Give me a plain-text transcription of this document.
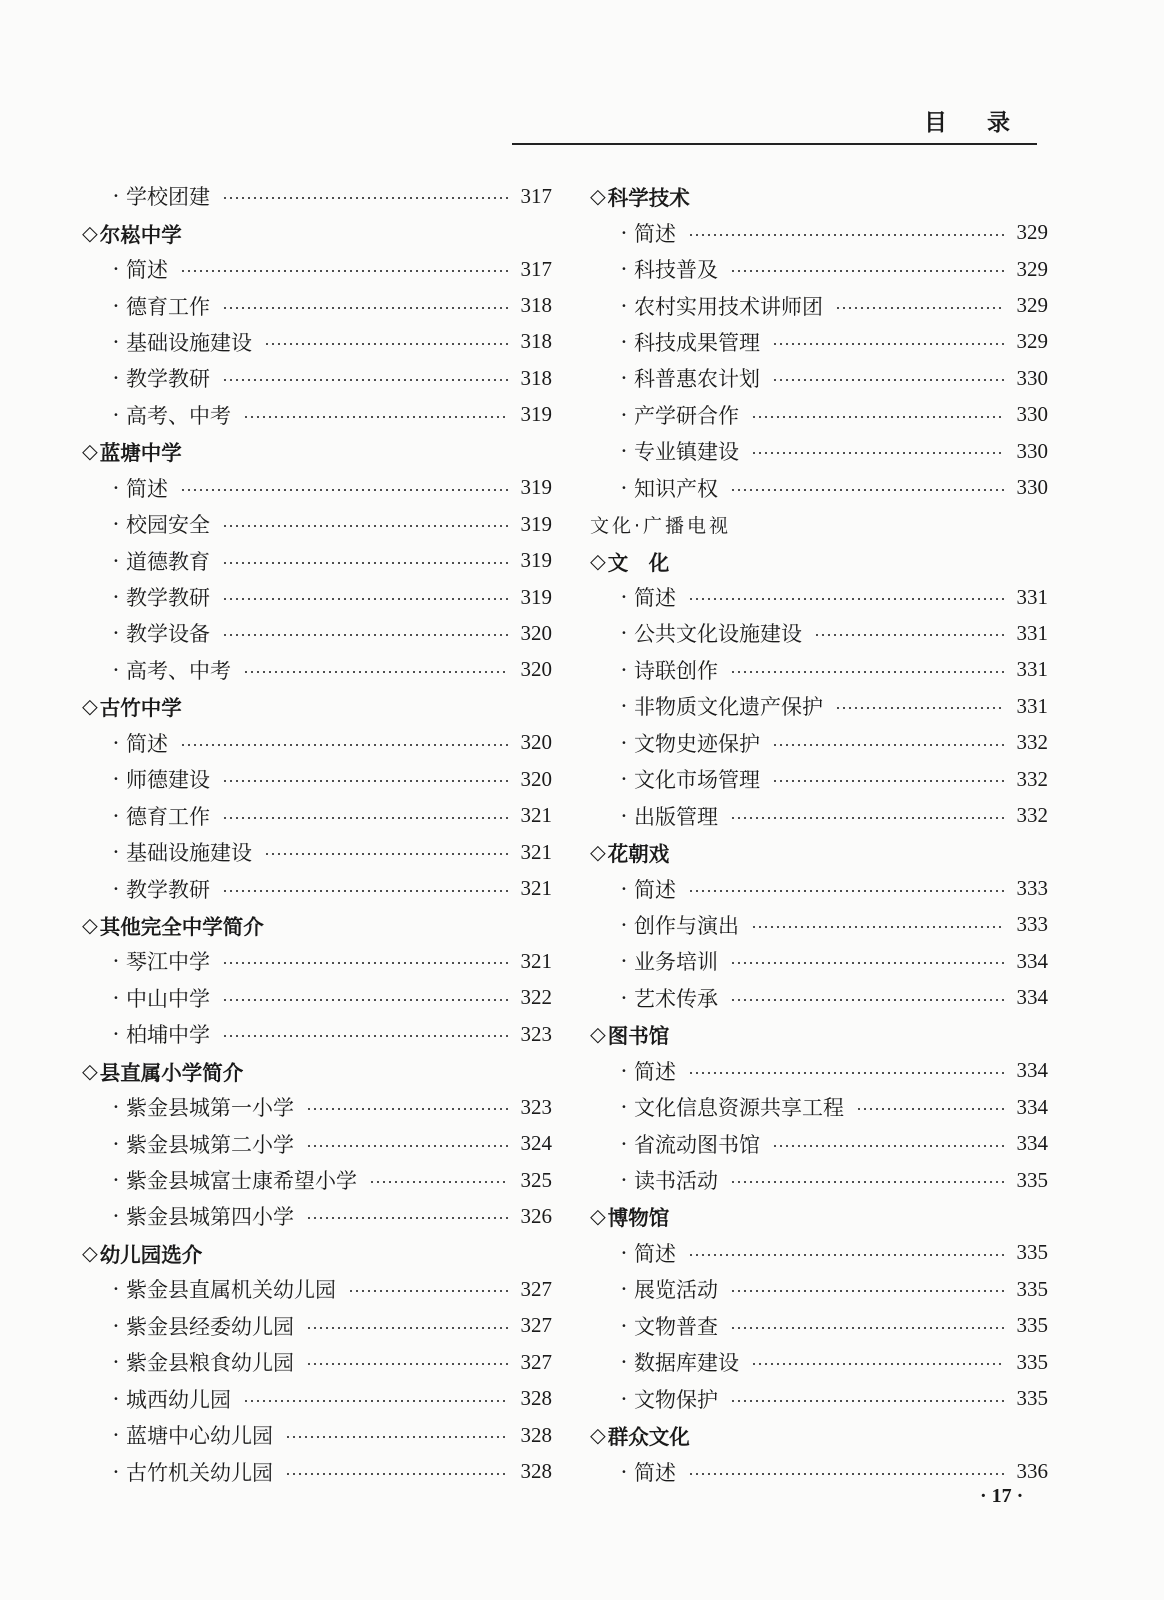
目录
· 学校团建	317
◇ 尔崧中学
· 简述	317
· 德育工作	318
· 基础设施建设	318
· 教学教研	318
· 高考、中考	319
◇ 蓝塘中学
· 简述	319
· 校园安全	319
· 道德教育	319
· 教学教研	319
· 教学设备	320
· 高考、中考	320
◇ 古竹中学
· 简述	320
· 师德建设	320
· 德育工作	321
· 基础设施建设	321
· 教学教研	321
◇ 其他完全中学简介
· 琴江中学	321
· 中山中学	322
· 柏埔中学	323
◇ 县直属小学简介
· 紫金县城第一小学	323
· 紫金县城第二小学	324
· 紫金县城富士康希望小学	325
· 紫金县城第四小学	326
◇ 幼儿园选介
· 紫金县直属机关幼儿园	327
· 紫金县经委幼儿园	327
· 紫金县粮食幼儿园	327
· 城西幼儿园	328
· 蓝塘中心幼儿园	328
· 古竹机关幼儿园	328
◇ 科学技术
· 简述	329
· 科技普及	329
· 农村实用技术讲师团	329
· 科技成果管理	329
· 科普惠农计划	330
· 产学研合作	330
· 专业镇建设	330
· 知识产权	330
文化·广播电视
◇ 文　化
· 简述	331
· 公共文化设施建设	331
· 诗联创作	331
· 非物质文化遗产保护	331
· 文物史迹保护	332
· 文化市场管理	332
· 出版管理	332
◇ 花朝戏
· 简述	333
· 创作与演出	333
· 业务培训	334
· 艺术传承	334
◇ 图书馆
· 简述	334
· 文化信息资源共享工程	334
· 省流动图书馆	334
· 读书活动	335
◇ 博物馆
· 简述	335
· 展览活动	335
· 文物普查	335
· 数据库建设	335
· 文物保护	335
◇ 群众文化
· 简述	336
· 17 ·
